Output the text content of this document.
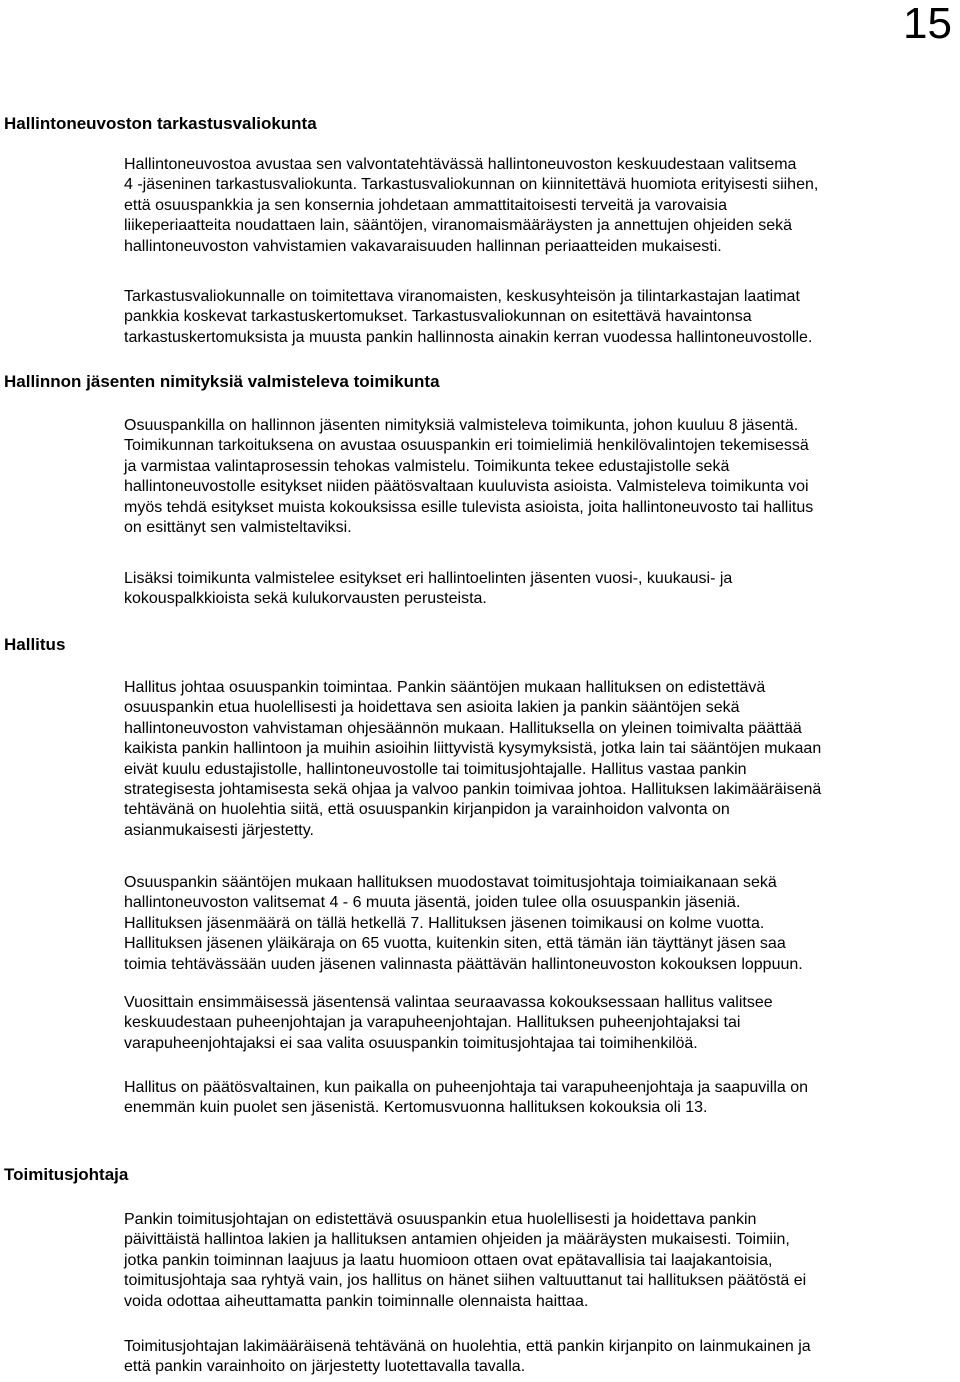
15
Hallintoneuvoston tarkastusvaliokunta

Hallintoneuvostoa avustaa sen valvontatehtävässä hallintoneuvoston keskuudestaan valitsema
4 -jäseninen tarkastusvaliokunta. Tarkastusvaliokunnan on kiinnitettävä huomiota erityisesti siihen,
että osuuspankkia ja sen konsernia johdetaan ammattitaitoisesti terveitä ja varovaisia
liikeperiaatteita noudattaen lain, sääntöjen, viranomaismääräysten ja annettujen ohjeiden sekä
hallintoneuvoston vahvistamien vakavaraisuuden hallinnan periaatteiden mukaisesti.

Tarkastusvaliokunnalle on toimitettava viranomaisten, keskusyhteisön ja tilintarkastajan laatimat
pankkia koskevat tarkastuskertomukset. Tarkastusvaliokunnan on esitettävä havaintonsa
tarkastuskertomuksista ja muusta pankin hallinnosta ainakin kerran vuodessa hallintoneuvostolle.

Hallinnon jäsenten nimityksiä valmisteleva toimikunta

Osuuspankilla on hallinnon jäsenten nimityksiä valmisteleva toimikunta, johon kuuluu 8 jäsentä.
Toimikunnan tarkoituksena on avustaa osuuspankin eri toimielimiä henkilövalintojen tekemisessä
ja varmistaa valintaprosessin tehokas valmistelu. Toimikunta tekee edustajistolle sekä
hallintoneuvostolle esitykset niiden päätösvaltaan kuuluvista asioista. Valmisteleva toimikunta voi
myös tehdä esitykset muista kokouksissa esille tulevista asioista, joita hallintoneuvosto tai hallitus
on esittänyt sen valmisteltaviksi.

Lisäksi toimikunta valmistelee esitykset eri hallintoelinten jäsenten vuosi-, kuukausi- ja
kokouspalkkioista sekä kulukorvausten perusteista.

Hallitus

Hallitus johtaa osuuspankin toimintaa. Pankin sääntöjen mukaan hallituksen on edistettävä
osuuspankin etua huolellisesti ja hoidettava sen asioita lakien ja pankin sääntöjen sekä
hallintoneuvoston vahvistaman ohjesäännön mukaan. Hallituksella on yleinen toimivalta päättää
kaikista pankin hallintoon ja muihin asioihin liittyvistä kysymyksistä, jotka lain tai sääntöjen mukaan
eivät kuulu edustajistolle, hallintoneuvostolle tai toimitusjohtajalle. Hallitus vastaa pankin
strategisesta johtamisesta sekä ohjaa ja valvoo pankin toimivaa johtoa. Hallituksen lakimääräisenä
tehtävänä on huolehtia siitä, että osuuspankin kirjanpidon ja varainhoidon valvonta on
asianmukaisesti järjestetty.

Osuuspankin sääntöjen mukaan hallituksen muodostavat toimitusjohtaja toimiaikanaan sekä
hallintoneuvoston valitsemat 4 - 6 muuta jäsentä, joiden tulee olla osuuspankin jäseniä.
Hallituksen jäsenmäärä on tällä hetkellä 7. Hallituksen jäsenen toimikausi on kolme vuotta.
Hallituksen jäsenen yläikäraja on 65 vuotta, kuitenkin siten, että tämän iän täyttänyt jäsen saa
toimia tehtävässään uuden jäsenen valinnasta päättävän hallintoneuvoston kokouksen loppuun.

Vuosittain ensimmäisessä jäsentensä valintaa seuraavassa kokouksessaan hallitus valitsee
keskuudestaan puheenjohtajan ja varapuheenjohtajan. Hallituksen puheenjohtajaksi tai
varapuheenjohtajaksi ei saa valita osuuspankin toimitusjohtajaa tai toimihenkilöä.

Hallitus on päätösvaltainen, kun paikalla on puheenjohtaja tai varapuheenjohtaja ja saapuvilla on
enemmän kuin puolet sen jäsenistä. Kertomusvuonna hallituksen kokouksia oli 13.

Toimitusjohtaja

Pankin toimitusjohtajan on edistettävä osuuspankin etua huolellisesti ja hoidettava pankin
päivittäistä hallintoa lakien ja hallituksen antamien ohjeiden ja määräysten mukaisesti. Toimiin,
jotka pankin toiminnan laajuus ja laatu huomioon ottaen ovat epätavallisia tai laajakantoisia,
toimitusjohtaja saa ryhtyä vain, jos hallitus on hänet siihen valtuuttanut tai hallituksen päätöstä ei
voida odottaa aiheuttamatta pankin toiminnalle olennaista haittaa.

Toimitusjohtajan lakimääräisenä tehtävänä on huolehtia, että pankin kirjanpito on lainmukainen ja
että pankin varainhoito on järjestetty luotettavalla tavalla.
